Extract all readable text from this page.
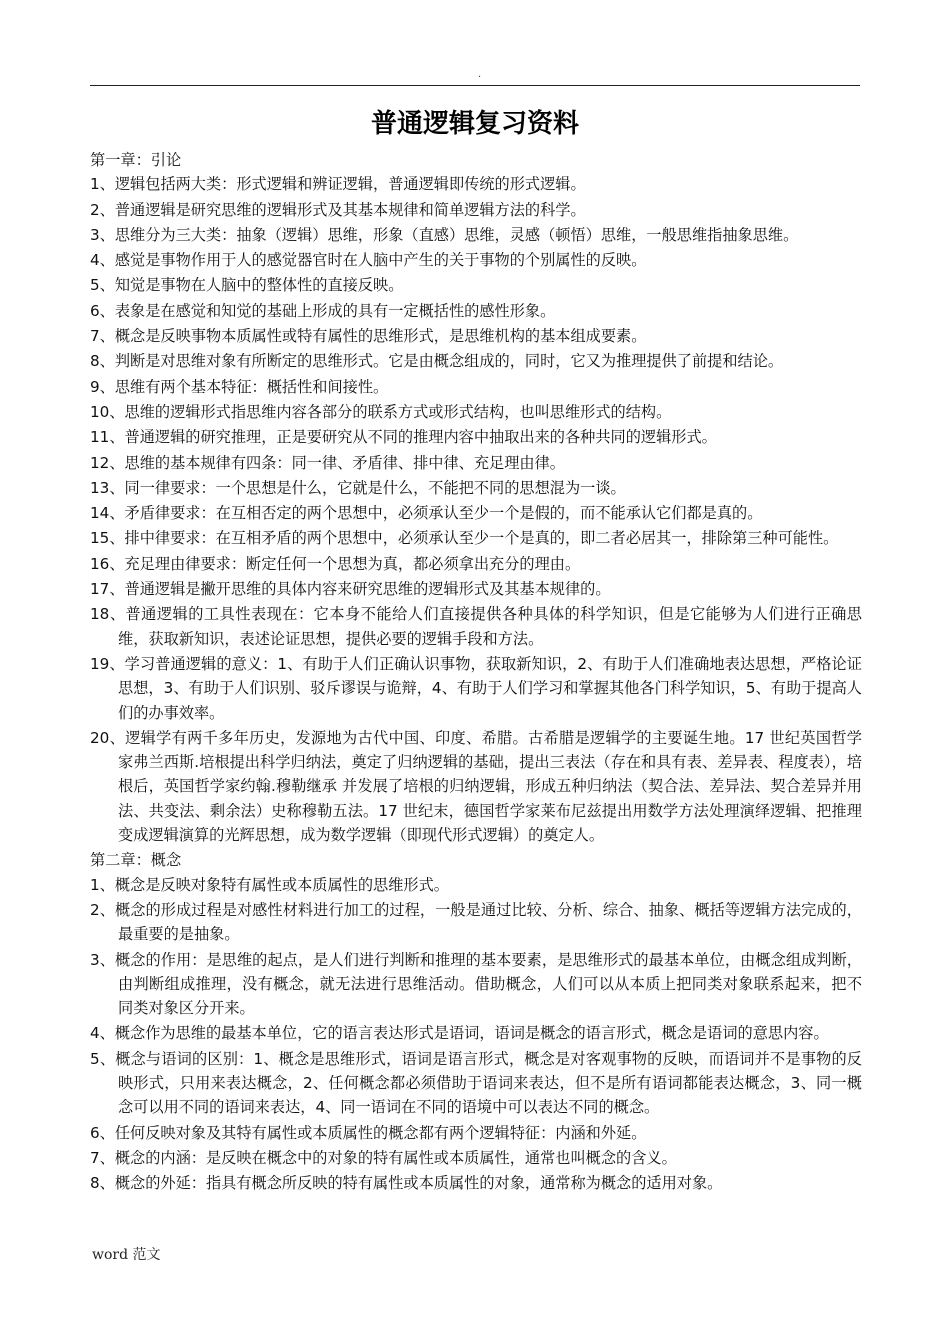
.
普通逻辑复习资料

第一章：引论

1、逻辑包括两大类：形式逻辑和辨证逻辑，普通逻辑即传统的形式逻辑。

2、普通逻辑是研究思维的逻辑形式及其基本规律和简单逻辑方法的科学。

3、思维分为三大类：抽象（逻辑）思维，形象（直感）思维，灵感（顿悟）思维，一般思维指抽象思维。

4、感觉是事物作用于人的感觉器官时在人脑中产生的关于事物的个别属性的反映。

5、知觉是事物在人脑中的整体性的直接反映。

6、表象是在感觉和知觉的基础上形成的具有一定概括性的感性形象。

7、概念是反映事物本质属性或特有属性的思维形式，是思维机构的基本组成要素。

8、判断是对思维对象有所断定的思维形式。它是由概念组成的，同时，它又为推理提供了前提和结论。

9、思维有两个基本特征：概括性和间接性。

10、思维的逻辑形式指思维内容各部分的联系方式或形式结构，也叫思维形式的结构。

11、普通逻辑的研究推理，正是要研究从不同的推理内容中抽取出来的各种共同的逻辑形式。

12、思维的基本规律有四条：同一律、矛盾律、排中律、充足理由律。

13、同一律要求：一个思想是什么，它就是什么，不能把不同的思想混为一谈。

14、矛盾律要求：在互相否定的两个思想中，必须承认至少一个是假的，而不能承认它们都是真的。

15、排中律要求：在互相矛盾的两个思想中，必须承认至少一个是真的，即二者必居其一，排除第三种可能性。

16、充足理由律要求：断定任何一个思想为真，都必须拿出充分的理由。

17、普通逻辑是撇开思维的具体内容来研究思维的逻辑形式及其基本规律的。

18、普通逻辑的工具性表现在：它本身不能给人们直接提供各种具体的科学知识，但是它能够为人们进行正确思维，获取新知识，表述论证思想，提供必要的逻辑手段和方法。

19、学习普通逻辑的意义：1、有助于人们正确认识事物，获取新知识，2、有助于人们准确地表达思想，严格论证思想，3、有助于人们识别、驳斥谬误与诡辩，4、有助于人们学习和掌握其他各门科学知识，5、有助于提高人们的办事效率。

20、逻辑学有两千多年历史，发源地为古代中国、印度、希腊。古希腊是逻辑学的主要诞生地。17 世纪英国哲学家弗兰西斯.培根提出科学归纳法，奠定了归纳逻辑的基础，提出三表法（存在和具有表、差异表、程度表），培根后，英国哲学家约翰.穆勒继承 并发展了培根的归纳逻辑，形成五种归纳法（契合法、差异法、契合差异并用法、共变法、剩余法）史称穆勒五法。17 世纪末，德国哲学家莱布尼兹提出用数学方法处理演绎逻辑、把推理变成逻辑演算的光辉思想，成为数学逻辑（即现代形式逻辑）的奠定人。

第二章：概念

1、概念是反映对象特有属性或本质属性的思维形式。

2、概念的形成过程是对感性材料进行加工的过程，一般是通过比较、分析、综合、抽象、概括等逻辑方法完成的，最重要的是抽象。

3、概念的作用：是思维的起点，是人们进行判断和推理的基本要素，是思维形式的最基本单位，由概念组成判断，由判断组成推理，没有概念，就无法进行思维活动。借助概念，人们可以从本质上把同类对象联系起来，把不同类对象区分开来。

4、概念作为思维的最基本单位，它的语言表达形式是语词，语词是概念的语言形式，概念是语词的意思内容。

5、概念与语词的区别：1、概念是思维形式，语词是语言形式，概念是对客观事物的反映，而语词并不是事物的反映形式，只用来表达概念，2、任何概念都必须借助于语词来表达，但不是所有语词都能表达概念，3、同一概念可以用不同的语词来表达，4、同一语词在不同的语境中可以表达不同的概念。

6、任何反映对象及其特有属性或本质属性的概念都有两个逻辑特征：内涵和外延。

7、概念的内涵：是反映在概念中的对象的特有属性或本质属性，通常也叫概念的含义。

8、概念的外延：指具有概念所反映的特有属性或本质属性的对象，通常称为概念的适用对象。

word 范文
